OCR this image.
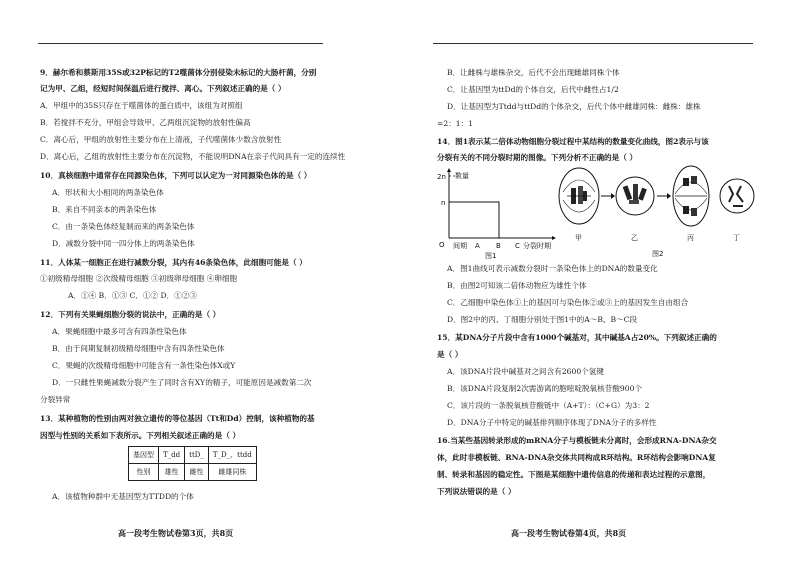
9．赫尔希和蔡斯用35S或32P标记的T2噬菌体分别侵染未标记的大肠杆菌，分别
记为甲、乙组，经短时间保温后进行搅拌、离心。下列叙述正确的是（ ）
A．甲组中的35S只存在于噬菌体的蛋白质中，该组为对照组
B．若搅拌不充分，甲组会导致甲、乙两组沉淀物的放射性偏高
C．离心后，甲组的放射性主要分布在上清液，子代噬菌体少数含放射性
D．离心后，乙组的放射性主要分布在沉淀物，不能说明DNA在亲子代间具有一定的连续性
10．真核细胞中通常存在同源染色体，下列可以认定为一对同源染色体的是（ ）
A．形状和大小相同的两条染色体
B．来自不同亲本的两条染色体
C．由一条染色体经复制而来的两条染色体
D．减数分裂中同一四分体上的两条染色体
11．人体某一细胞正在进行减数分裂，其内有46条染色体，此细胞可能是（ ）
①初级精母细胞 ②次级精母细胞 ③初级卵母细胞 ④卵细胞
A．①④ B．①③ C．①② D．①②③
12．下列有关果蝇细胞分裂的说法中，正确的是（ ）
A．果蝇细胞中最多可含有四条性染色体
B．由于间期复制初级精母细胞中含有四条性染色体
C．果蝇的次级精母细胞中可能含有一条性染色体X或Y
D．一只雌性果蝇减数分裂产生了同时含有XY的精子，可能原因是减数第二次
分裂异常
13．某种植物的性别由两对独立遗传的等位基因（Tt和Dd）控制，该种植物的基
因型与性别的关系如下表所示。下列相关叙述正确的是（ ）
基因型	T_dd	ttD_	T_D_、ttdd
性别	雄性	雌性	雌雄同株
A．该植物种群中无基因型为TTDD的个体
高一段考生物试卷第3页，共8页
B．让雌株与雄株杂交，后代不会出现雌雄同株个体
C．让基因型为ttDd的个体自交，后代中雌性占1/2
D．让基因型为Ttdd与ttDd的个体杂交，后代个体中雌雄同株：雌株：雄株
=2：1：1
14．图1表示某二倍体动物细胞分裂过程中某结构的数量变化曲线，图2表示与该
分裂有关的不同分裂时期的图像。下列分析不正确的是（ ）
数量
2n
n
O 间期 A B C 分裂时期
图1
甲	乙	丙	丁
图2
A．图1曲线可表示减数分裂时一条染色体上的DNA的数量变化
B．由图2可知该二倍体动物应为雄性个体
C．乙细胞中染色体①上的基因可与染色体②或③上的基因发生自由组合
D．图2中的丙、丁细胞分别处于图1中的A～B、B～C段
15．某DNA分子片段中含有1000个碱基对，其中碱基A占20%。下列叙述正确的
是（ ）
A．该DNA片段中碱基对之间含有2600个氢键
B．该DNA片段复制2次需游离的胞嘧啶脱氧核苷酸900个
C．该片段的一条脱氧核苷酸链中（A+T）：（C+G）为3：2
D．DNA分子中特定的碱基排列顺序体现了DNA分子的多样性
16.当某些基因转录形成的mRNA分子与模板链未分离时，会形成RNA-DNA杂交
体，此时非模板链、RNA-DNA杂交体共同构成R环结构。R环结构会影响DNA复
制、转录和基因的稳定性。下图是某细胞中遗传信息的传递和表达过程的示意图，
下列说法错误的是（ ）
高一段考生物试卷第4页，共8页
